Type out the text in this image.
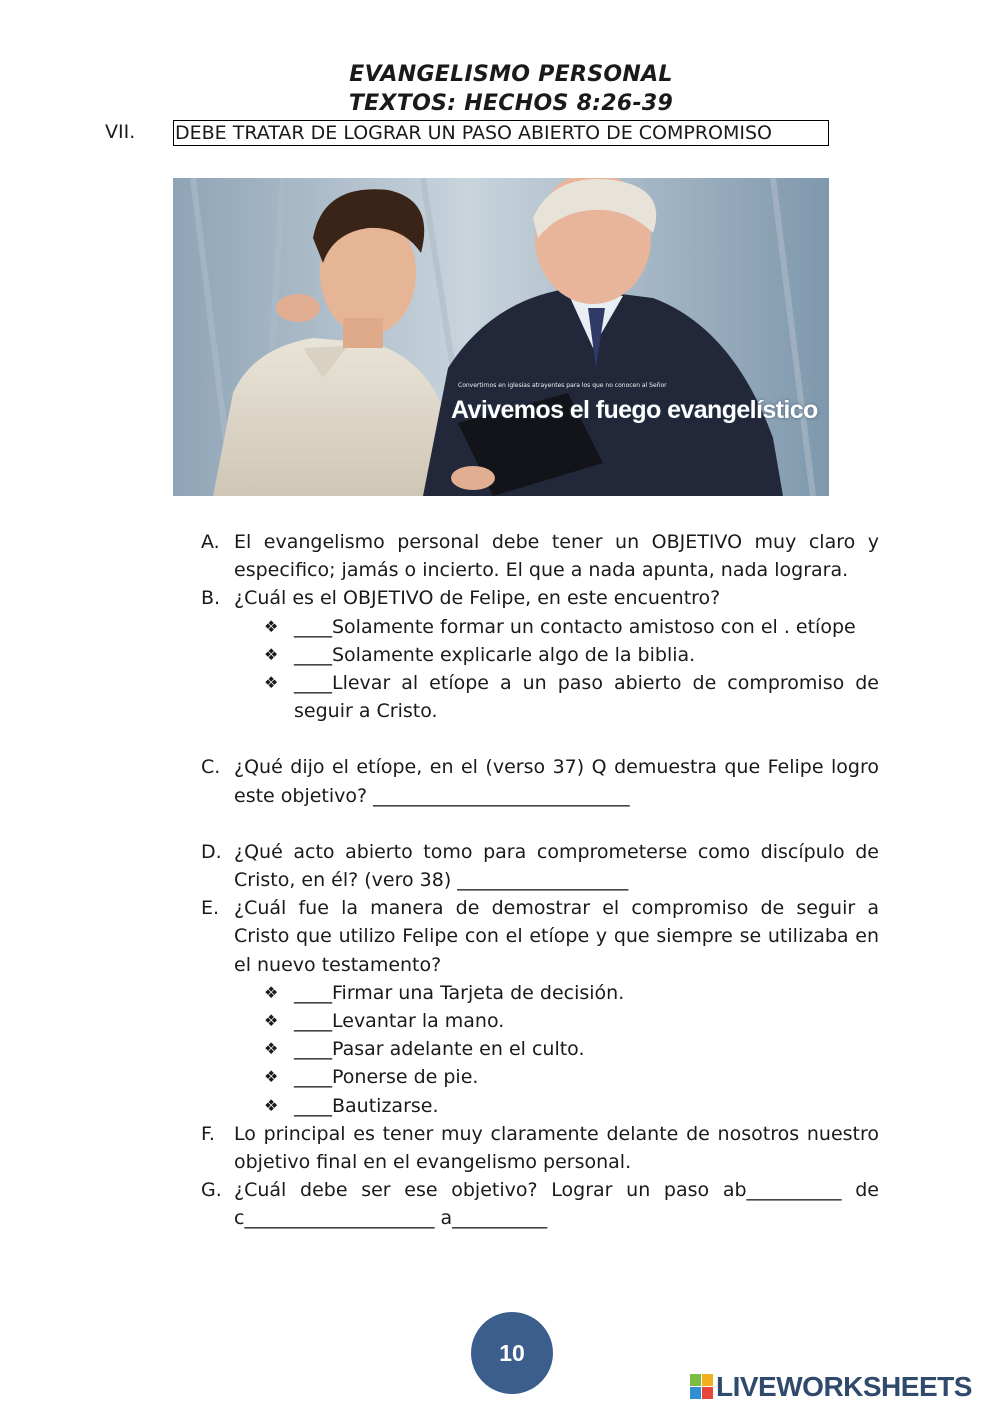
EVANGELISMO PERSONAL
TEXTOS: HECHOS 8:26-39
VII. DEBE TRATAR DE LOGRAR UN PASO ABIERTO DE COMPROMISO
Convertirnos en iglesias atrayentes para los que no conocen al Señor
Avivemos el fuego evangelístico
A. El evangelismo personal debe tener un OBJETIVO muy claro y especifico; jamás o incierto. El que a nada apunta, nada lograra.
B. ¿Cuál es el OBJETIVO de Felipe, en este encuentro?
❖ ____Solamente formar un contacto amistoso con el . etíope
❖ ____Solamente explicarle algo de la biblia.
❖ ____Llevar al etíope a un paso abierto de compromiso de seguir a Cristo.
C. ¿Qué dijo el etíope, en el (verso 37) Q demuestra que Felipe logro este objetivo? ___________________________
D. ¿Qué acto abierto tomo para comprometerse como discípulo de Cristo, en él? (vero 38) __________________
E. ¿Cuál fue la manera de demostrar el compromiso de seguir a Cristo que utilizo Felipe con el etíope y que siempre se utilizaba en el nuevo testamento?
❖ ____Firmar una Tarjeta de decisión.
❖ ____Levantar la mano.
❖ ____Pasar adelante en el culto.
❖ ____Ponerse de pie.
❖ ____Bautizarse.
F.	Lo principal es tener muy claramente delante de nosotros nuestro objetivo final en el evangelismo personal.
G. ¿Cuál debe ser ese objetivo? Lograr un paso ab__________ de c____________________ a__________
10
LIVEWORKSHEETS
